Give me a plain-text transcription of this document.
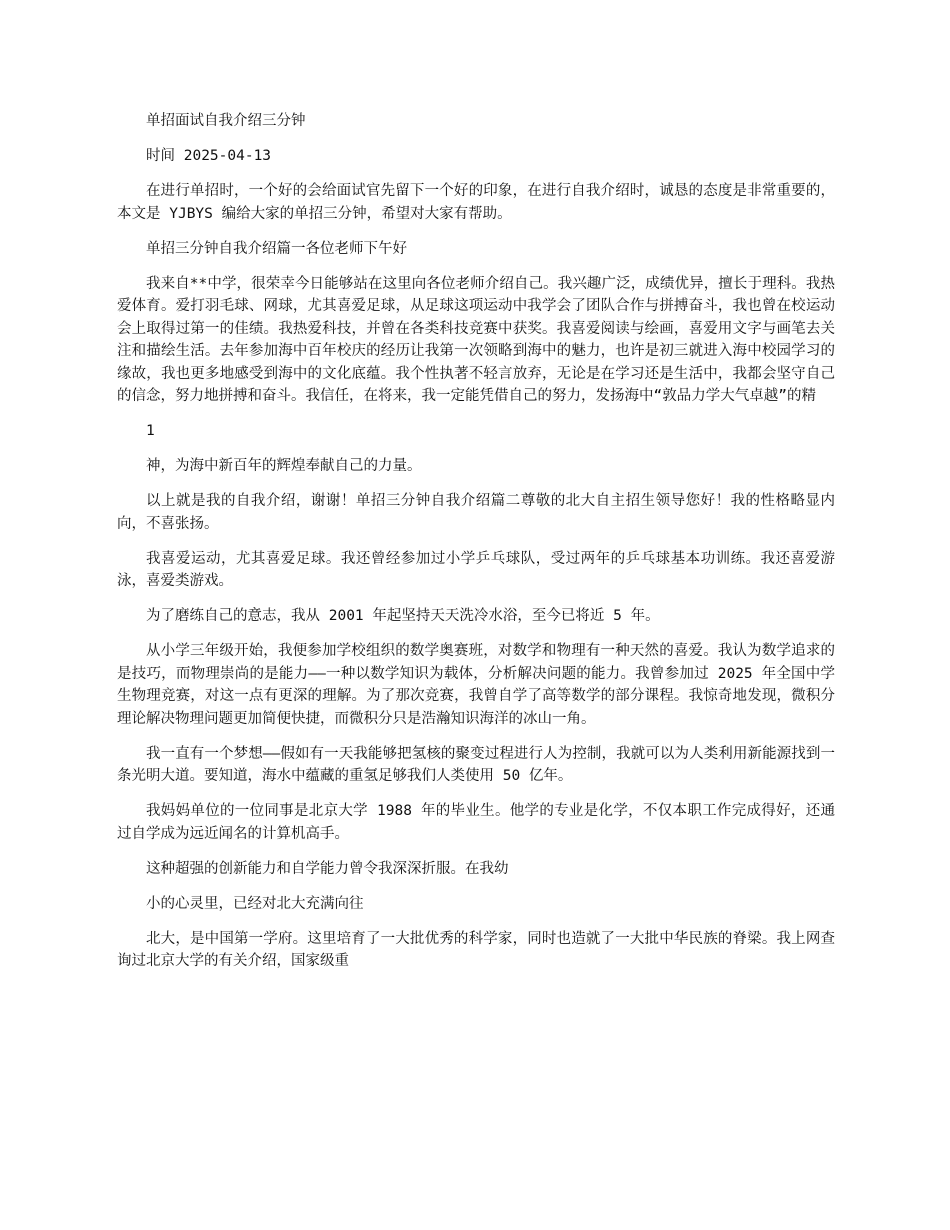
单招面试自我介绍三分钟

时间 2025-04-13

在进行单招时，一个好的会给面试官先留下一个好的印象，在进行自我介绍时，诚恳的态度是非常重要的，本文是 YJBYS 编给大家的单招三分钟，希望对大家有帮助。

单招三分钟自我介绍篇一各位老师下午好

我来自**中学，很荣幸今日能够站在这里向各位老师介绍自己。我兴趣广泛，成绩优异，擅长于理科。我热爱体育。爱打羽毛球、网球，尤其喜爱足球，从足球这项运动中我学会了团队合作与拼搏奋斗，我也曾在校运动会上取得过第一的佳绩。我热爱科技，并曾在各类科技竞赛中获奖。我喜爱阅读与绘画，喜爱用文字与画笔去关注和描绘生活。去年参加海中百年校庆的经历让我第一次领略到海中的魅力，也许是初三就进入海中校园学习的缘故，我也更多地感受到海中的文化底蕴。我个性执著不轻言放弃，无论是在学习还是生活中，我都会坚守自己的信念，努力地拼搏和奋斗。我信任，在将来，我一定能凭借自己的努力，发扬海中“敦品力学大气卓越”的精

1

神，为海中新百年的辉煌奉献自己的力量。

以上就是我的自我介绍，谢谢！单招三分钟自我介绍篇二尊敬的北大自主招生领导您好！我的性格略显内向，不喜张扬。

我喜爱运动，尤其喜爱足球。我还曾经参加过小学乒乓球队，受过两年的乒乓球基本功训练。我还喜爱游泳，喜爱类游戏。

为了磨练自己的意志，我从 2001 年起坚持天天洗冷水浴，至今已将近 5 年。

从小学三年级开始，我便参加学校组织的数学奥赛班，对数学和物理有一种天然的喜爱。我认为数学追求的是技巧，而物理崇尚的是能力——一种以数学知识为载体，分析解决问题的能力。我曾参加过 2025 年全国中学生物理竞赛，对这一点有更深的理解。为了那次竞赛，我曾自学了高等数学的部分课程。我惊奇地发现，微积分理论解决物理问题更加简便快捷，而微积分只是浩瀚知识海洋的冰山一角。

我一直有一个梦想——假如有一天我能够把氢核的聚变过程进行人为控制，我就可以为人类利用新能源找到一条光明大道。要知道，海水中蕴藏的重氢足够我们人类使用 50 亿年。

我妈妈单位的一位同事是北京大学 1988 年的毕业生。他学的专业是化学，不仅本职工作完成得好，还通过自学成为远近闻名的计算机高手。

这种超强的创新能力和自学能力曾令我深深折服。在我幼

小的心灵里，已经对北大充满向往

北大，是中国第一学府。这里培育了一大批优秀的科学家，同时也造就了一大批中华民族的脊梁。我上网查询过北京大学的有关介绍，国家级重
